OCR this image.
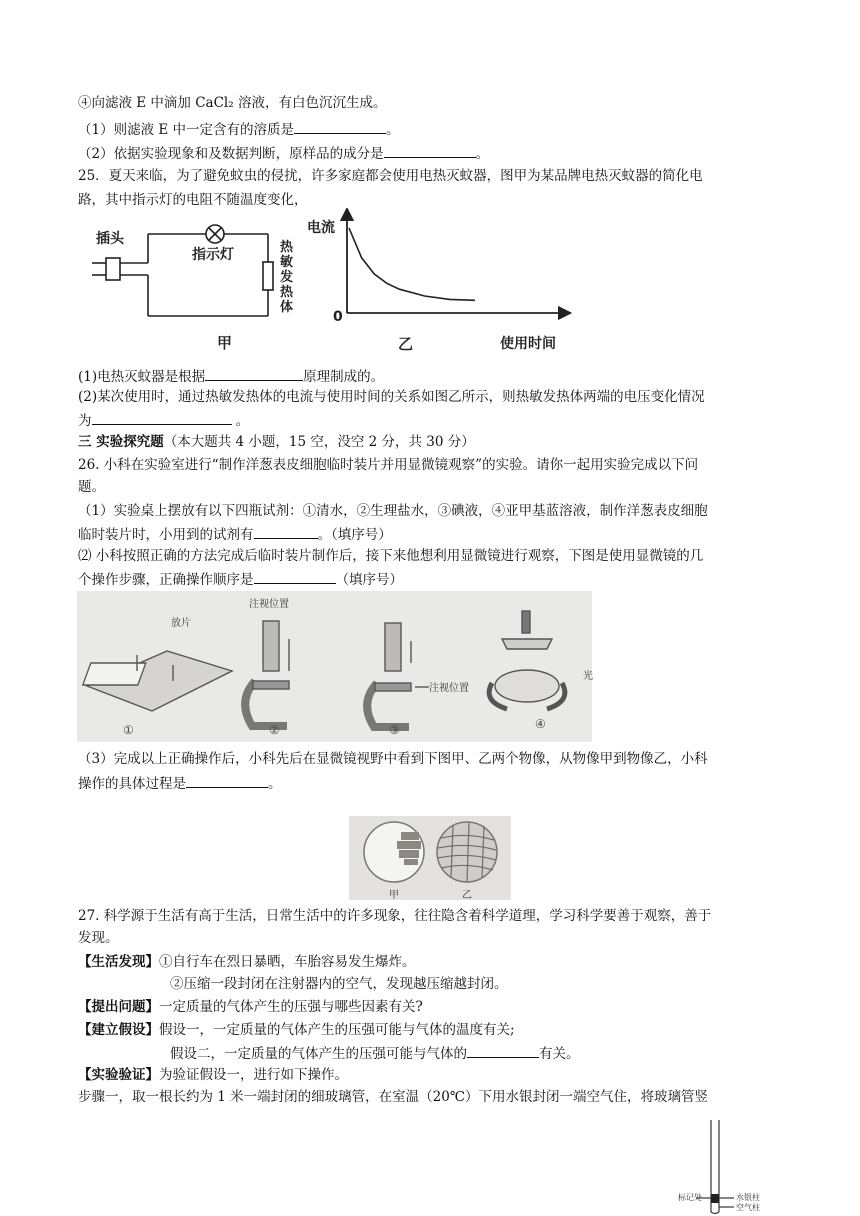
④向滤液 E 中滴加 CaCl₂ 溶液，有白色沉沉生成。
（1）则滤液 E 中一定含有的溶质是	。
（2）依据实验现象和及数据判断，原样品的成分是	。
25．夏天来临，为了避免蚊虫的侵扰，许多家庭都会使用电热灭蚊器，图甲为某品牌电热灭蚊器的简化电
路，其中指示灯的电阻不随温度变化，
插头
指示灯	热敏发热体
甲
电流
0
乙	使用时间
(1)电热灭蚊器是根据	原理制成的。
(2)某次使用时，通过热敏发热体的电流与使用时间的关系如图乙所示，则热敏发热体两端的电压变化情况
为	。
三 实验探究题（本大题共 4 小题，15 空，没空 2 分，共 30 分）
26. 小科在实验室进行“制作洋葱表皮细胞临时装片并用显微镜观察”的实验。请你一起用实验完成以下问
题。
（1）实验桌上摆放有以下四瓶试剂：①清水，②生理盐水，③碘液，④亚甲基蓝溶液，制作洋葱表皮细胞
临时装片时，小用到的试剂有	。（填序号）
⑵ 小科按照正确的方法完成后临时装片制作后，接下来他想利用显微镜进行观察，下图是使用显微镜的几
个操作步骤，正确操作顺序是	（填序号）
放片
注视位置
注视位置
光
①	②	③	④
（3）完成以上正确操作后，小科先后在显微镜视野中看到下图甲、乙两个物像，从物像甲到物像乙，小科
操作的具体过程是	。
甲	乙
27. 科学源于生活有高于生活，日常生活中的许多现象，往往隐含着科学道理，学习科学要善于观察，善于
发现。
【生活发现】①自行车在烈日暴晒，车胎容易发生爆炸。
②压缩一段封闭在注射器内的空气，发现越压缩越封闭。
【提出问题】一定质量的气体产生的压强与哪些因素有关?
【建立假设】假设一，一定质量的气体产生的压强可能与气体的温度有关;
假设二，一定质量的气体产生的压强可能与气体的	有关。
【实验验证】为验证假设一，进行如下操作。
步骤一，取一根长约为 1 米一端封闭的细玻璃管，在室温（20℃）下用水银封闭一端空气住，将玻璃管竖
标记处	水银柱
空气柱
